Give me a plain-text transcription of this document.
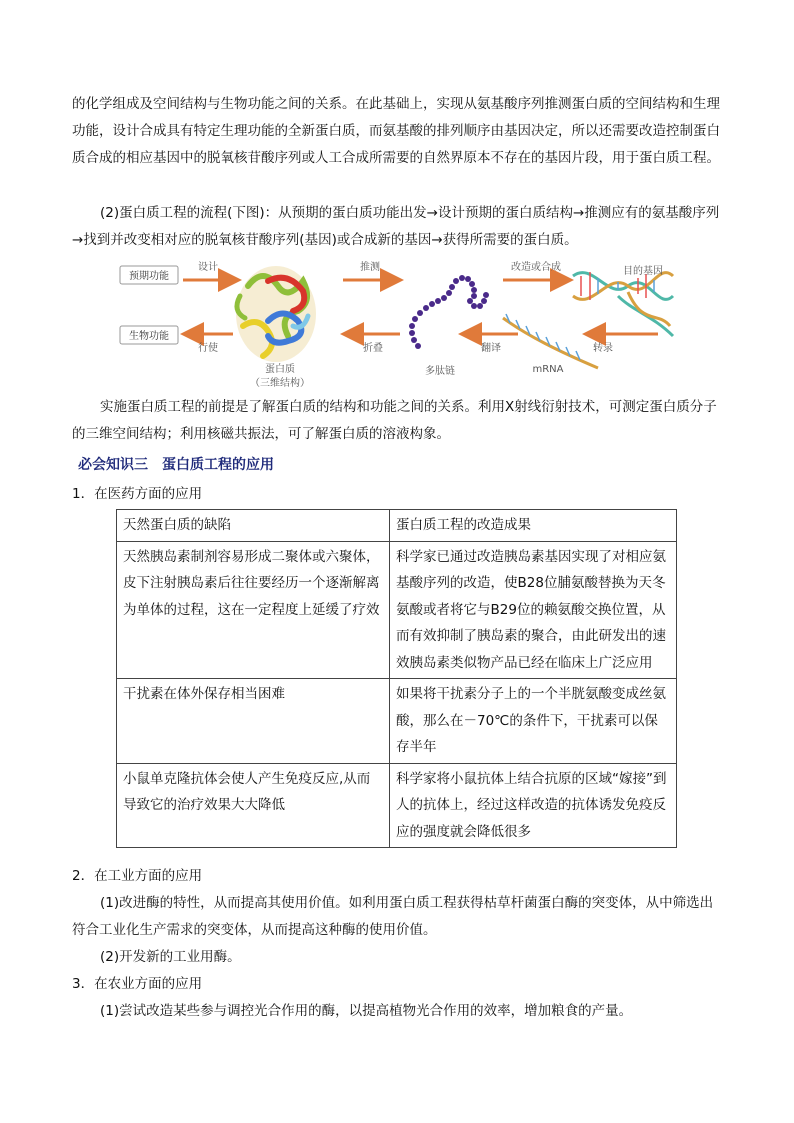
的化学组成及空间结构与生物功能之间的关系。在此基础上，实现从氨基酸序列推测蛋白质的空间结构和生理功能，设计合成具有特定生理功能的全新蛋白质，而氨基酸的排列顺序由基因决定，所以还需要改造控制蛋白质合成的相应基因中的脱氧核苷酸序列或人工合成所需要的自然界原本不存在的基因片段，用于蛋白质工程。

(2)蛋白质工程的流程(下图)：从预期的蛋白质功能出发→设计预期的蛋白质结构→推测应有的氨基酸序列→找到并改变相对应的脱氧核苷酸序列(基因)或合成新的基因→获得所需要的蛋白质。

预期功能
生物功能
设计
行使
蛋白质
（三维结构）
推测
折叠
多肽链
改造或合成	目的基因
翻译
mRNA
转录

实施蛋白质工程的前提是了解蛋白质的结构和功能之间的关系。利用X射线衍射技术，可测定蛋白质分子的三维空间结构；利用核磁共振法，可了解蛋白质的溶液构象。

必会知识三　蛋白质工程的应用
1．在医药方面的应用
天然蛋白质的缺陷	蛋白质工程的改造成果
天然胰岛素制剂容易形成二聚体或六聚体，皮下注射胰岛素后往往要经历一个逐渐解离为单体的过程，这在一定程度上延缓了疗效	科学家已通过改造胰岛素基因实现了对相应氨基酸序列的改造，使B28位脯氨酸替换为天冬氨酸或者将它与B29位的赖氨酸交换位置，从而有效抑制了胰岛素的聚合，由此研发出的速效胰岛素类似物产品已经在临床上广泛应用
干扰素在体外保存相当困难	如果将干扰素分子上的一个半胱氨酸变成丝氨酸，那么在－70℃的条件下，干扰素可以保存半年
小鼠单克隆抗体会使人产生免疫反应,从而导致它的治疗效果大大降低	科学家将小鼠抗体上结合抗原的区域“嫁接”到人的抗体上，经过这样改造的抗体诱发免疫反应的强度就会降低很多
2．在工业方面的应用

(1)改进酶的特性，从而提高其使用价值。如利用蛋白质工程获得枯草杆菌蛋白酶的突变体，从中筛选出符合工业化生产需求的突变体，从而提高这种酶的使用价值。

(2)开发新的工业用酶。

3．在农业方面的应用

(1)尝试改造某些参与调控光合作用的酶，以提高植物光合作用的效率，增加粮食的产量。
